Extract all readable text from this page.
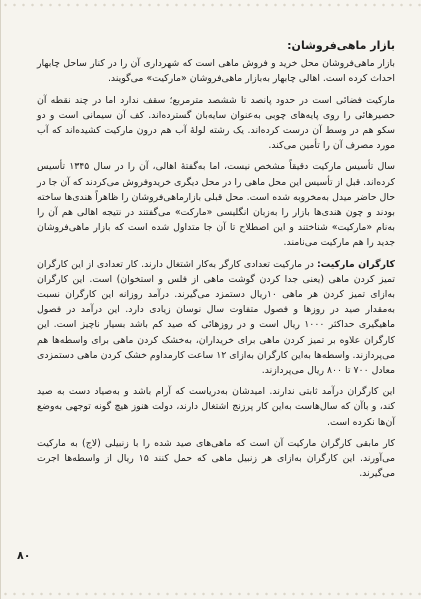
بازار ماهی‌فروشان:

بازار ماهی‌فروشان محل خرید و فروش ماهی است که شهرداری آن را در کنار ساحل چابهار احداث کرده است. اهالی چابهار به‌بازار ماهی‌فروشان «مارکیت» می‌گویند.

مارکیت فضائی است در حدود پانصد تا ششصد مترمربع؛ سقف ندارد اما در چند نقطه آن حصیرهائی را روی پایه‌های چوبی به‌عنوان سایه‌بان گسترده‌اند. کف آن سیمانی است و دو سکو هم در وسط آن درست کرده‌اند. یک رشته لولهٔ آب هم درون مارکیت کشیده‌اند که آب مورد مصرف آن را تأمین می‌کند.

سال تأسیس مارکیت دقیقاً مشخص نیست، اما به‌گفتهٔ اهالی، آن را در سال ۱۳۴۵ تأسیس کرده‌اند. قبل از تأسیس این محل ماهی را در محل دیگری خرید‌وفروش می‌کردند که آن جا در حال حاضر میدل به‌مخروبه شده است. محل قبلی بازارماهی‌فروشان را ظاهراً هندی‌ها ساخته بودند و چون هندی‌ها بازار را به‌زبان انگلیسی «مارکت» می‌گفتند در نتیجه اهالی هم آن را به‌نام «مارکیت» شناختند و این اصطلاح تا آن جا متداول شده است که بازار ماهی‌فروشان جدید را هم مارکیت می‌نامند.

کارگران مارکیت: در مارکیت تعدادی کارگر به‌کار اشتغال دارند. کار تعدادی از این کارگران تمیز کردن ماهی (یعنی جدا کردن گوشت ماهی از فلس و استخوان) است. این کارگران به‌ازای تمیز کردن هر ماهی ۱۰ریال دستمزد می‌گیرند. درآمد روزانه این کارگران نسبت به‌مقدار صید در روزها و فصول متفاوت سال نوسان زیادی دارد. این درآمد در فصول ماهیگیری حداکثر ۱۰۰۰ ریال است و در روزهائی که صید کم باشد بسیار ناچیز است. این کارگران علاوه بر تمیز کردن ماهی برای خریداران، به‌خشک کردن ماهی برای واسطه‌ها هم می‌پردازند. واسطه‌ها به‌این کارگران به‌ازای ۱۲ ساعت کارمداوم خشک کردن ماهی دستمزدی معادل ۷۰۰ تا ۸۰۰ ریال می‌پردازند.

این کارگران درآمد ثابتی ندارند. امیدشان به‌دریاست که آرام باشد و به‌صیاد دست به صید کند، و باآن که سال‌هاست به‌این کار پرزنج اشتغال دارند، دولت هنوز هیچ گونه توجهی به‌وضع آن‌ها نکرده است.

کار مابقی کارگران مارکیت آن است که ماهی‌های صید شده را با زنبیلی (لاج) به مارکیت می‌آورند. این کارگران به‌ازای هر زنبیل ماهی که حمل کنند ۱۵ ریال از واسطه‌ها اجرت می‌گیرند.

۸۰
